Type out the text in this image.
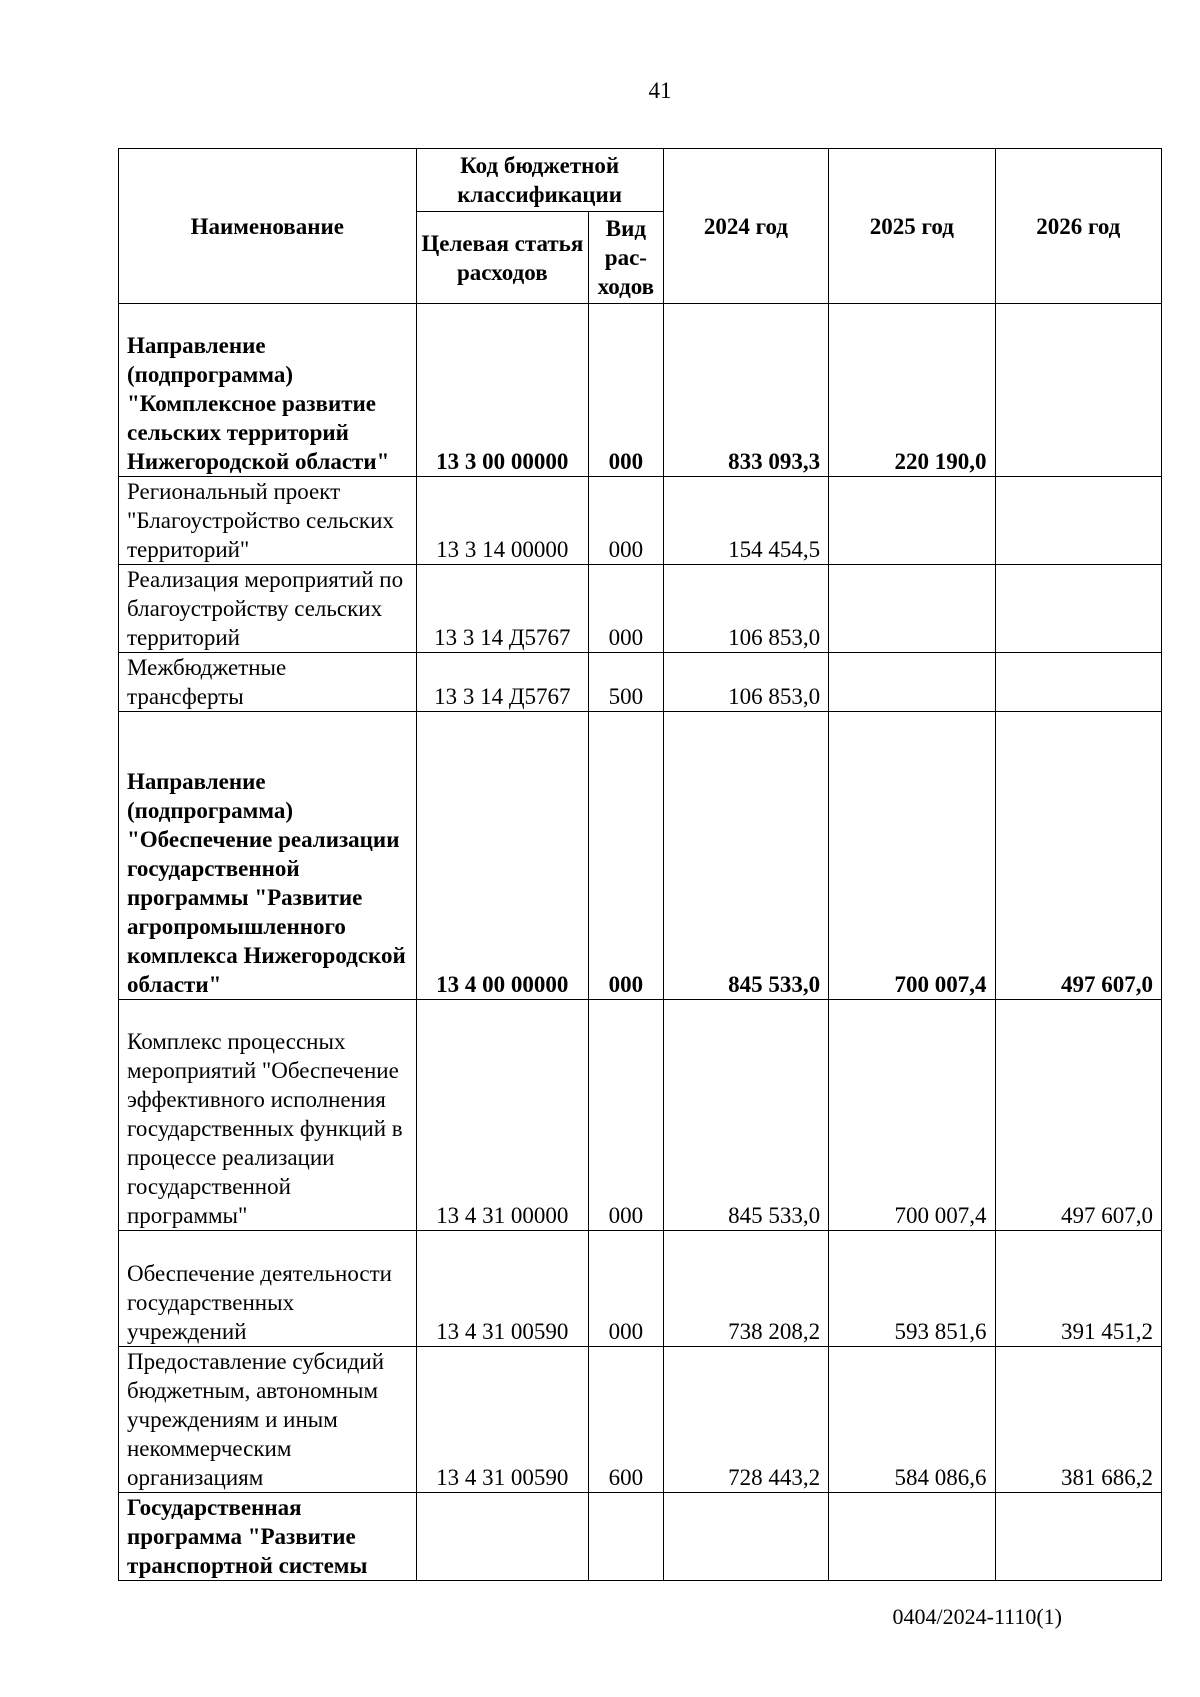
41
Наименование	Код бюджетной классификации		2024 год	2025 год	2026 год
	Целевая статья расходов	Вид рас-ходов			
Направление (подпрограмма) "Комплексное развитие сельских территорий Нижегородской области"	13 3 00 00000	000	833 093,3	220 190,0	
Региональный проект "Благоустройство сельских территорий"	13 3 14 00000	000	154 454,5		
Реализация мероприятий по благоустройству сельских территорий	13 3 14 Д5767	000	106 853,0		
Межбюджетные трансферты	13 3 14 Д5767	500	106 853,0		
Направление (подпрограмма) "Обеспечение реализации государственной программы "Развитие агропромышленного комплекса Нижегородской области"	13 4 00 00000	000	845 533,0	700 007,4	497 607,0
Комплекс процессных мероприятий "Обеспечение эффективного исполнения государственных функций в процессе реализации государственной программы"	13 4 31 00000	000	845 533,0	700 007,4	497 607,0
Обеспечение деятельности государственных учреждений	13 4 31 00590	000	738 208,2	593 851,6	391 451,2
Предоставление субсидий бюджетным, автономным учреждениям и иным некоммерческим организациям	13 4 31 00590	600	728 443,2	584 086,6	381 686,2
Государственная программа "Развитие транспортной системы					
0404/2024-1110(1)
